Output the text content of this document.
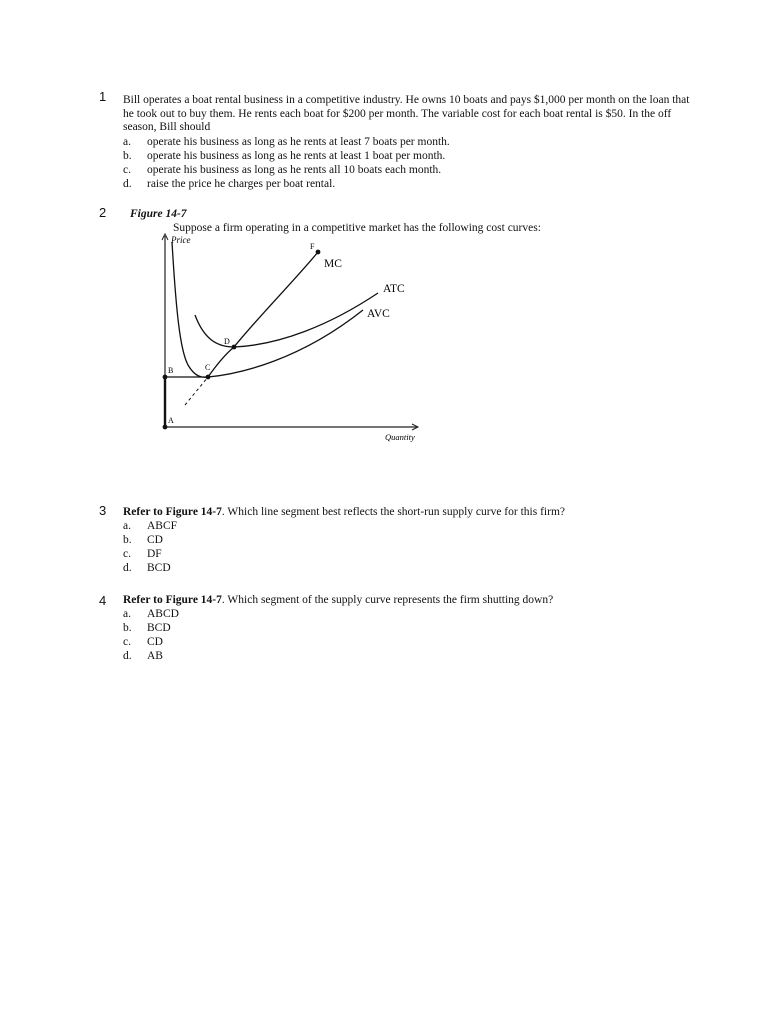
1 Bill operates a boat rental business in a competitive industry. He owns 10 boats and pays $1,000 per month on the loan that he took out to buy them. He rents each boat for $200 per month. The variable cost for each boat rental is $50. In the off season, Bill should
a.	operate his business as long as he rents at least 7 boats per month.
b.	operate his business as long as he rents at least 1 boat per month.
c.	operate his business as long as he rents all 10 boats each month.
d.	raise the price he charges per boat rental.
2 Figure 14-7
Suppose a firm operating in a competitive market has the following cost curves:
Price
Quantity
A
B	C
D
F
MC
ATC
AVC
3 Refer to Figure 14-7. Which line segment best reflects the short-run supply curve for this firm?
a.	ABCF
b.	CD
c.	DF
d.	BCD
4 Refer to Figure 14-7. Which segment of the supply curve represents the firm shutting down?
a.	ABCD
b.	BCD
c.	CD
d.	AB
